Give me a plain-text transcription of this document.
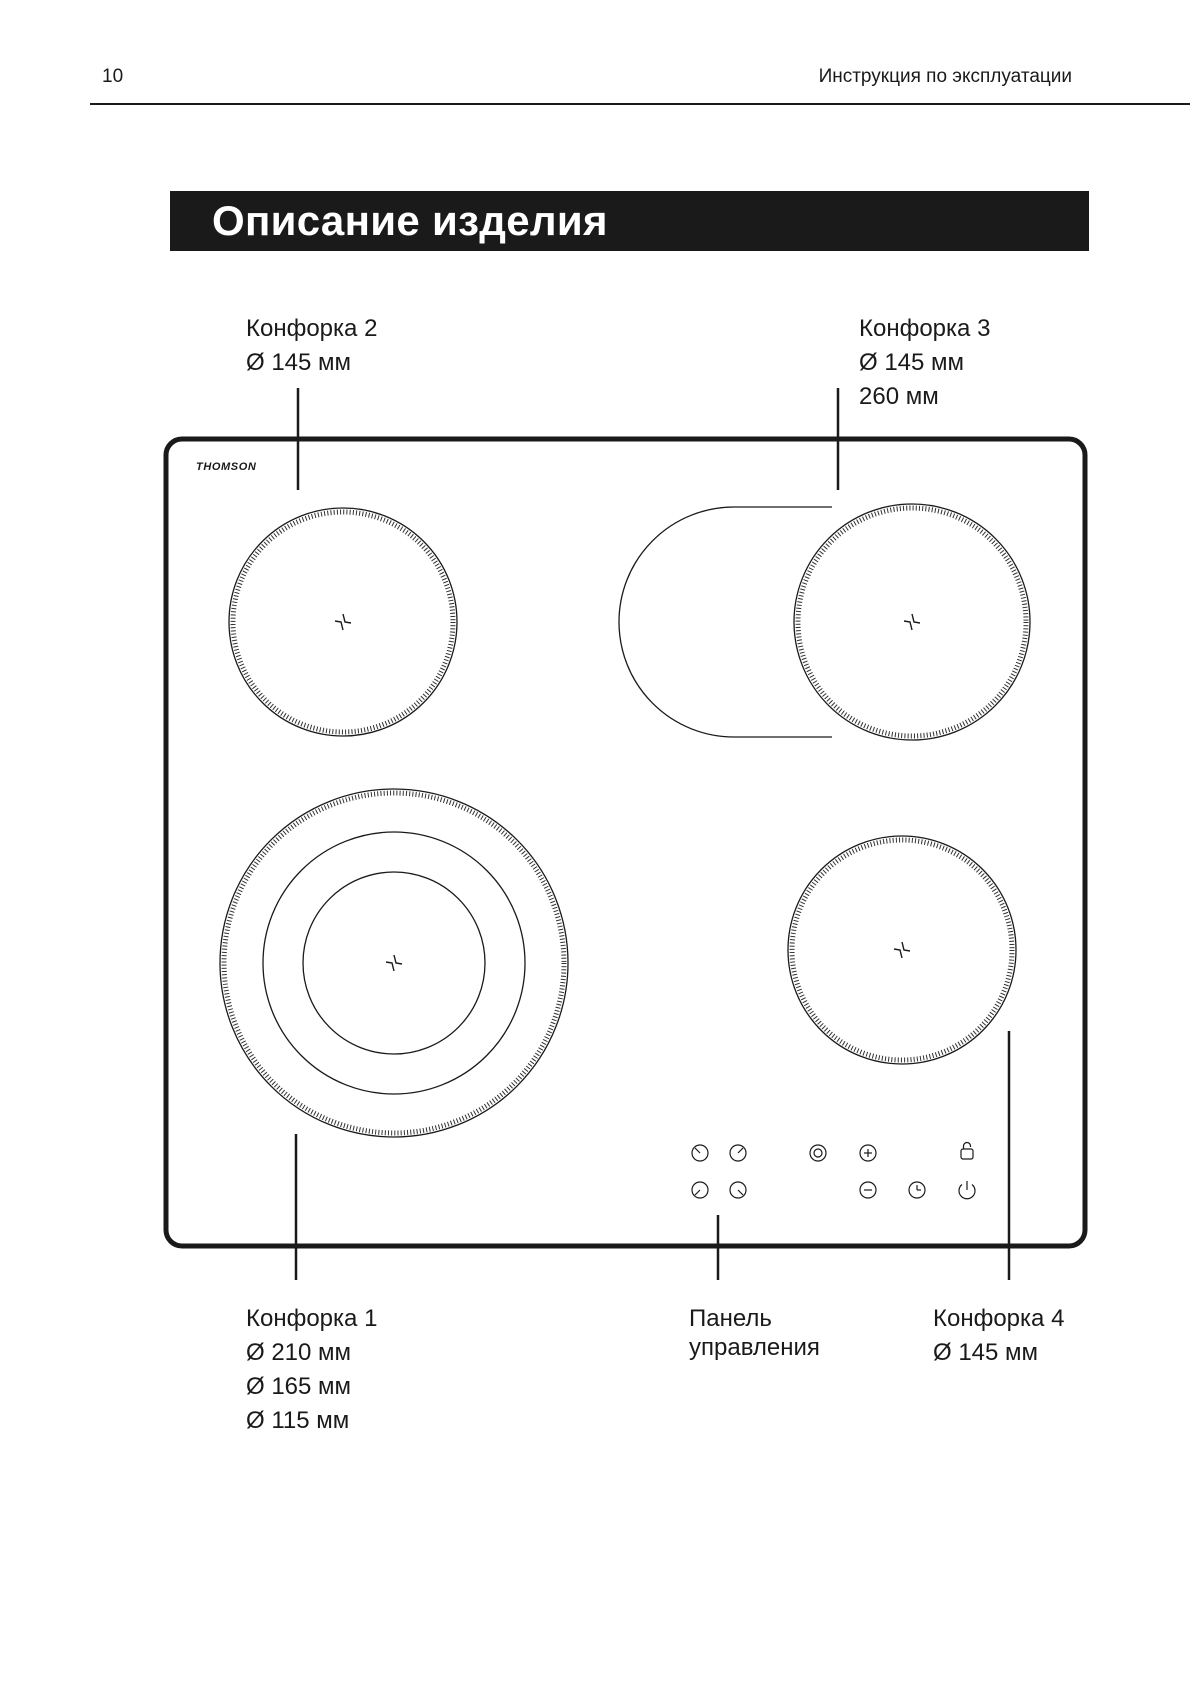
10	Инструкция по эксплуатации
Описание изделия
Конфорка 2
Ø 145 мм
Конфорка 3
Ø 145 мм
260 мм
Конфорка 1
Ø 210 мм
Ø 165 мм
Ø 115 мм
Панель
управления
Конфорка 4
Ø 145 мм
THOMSON
